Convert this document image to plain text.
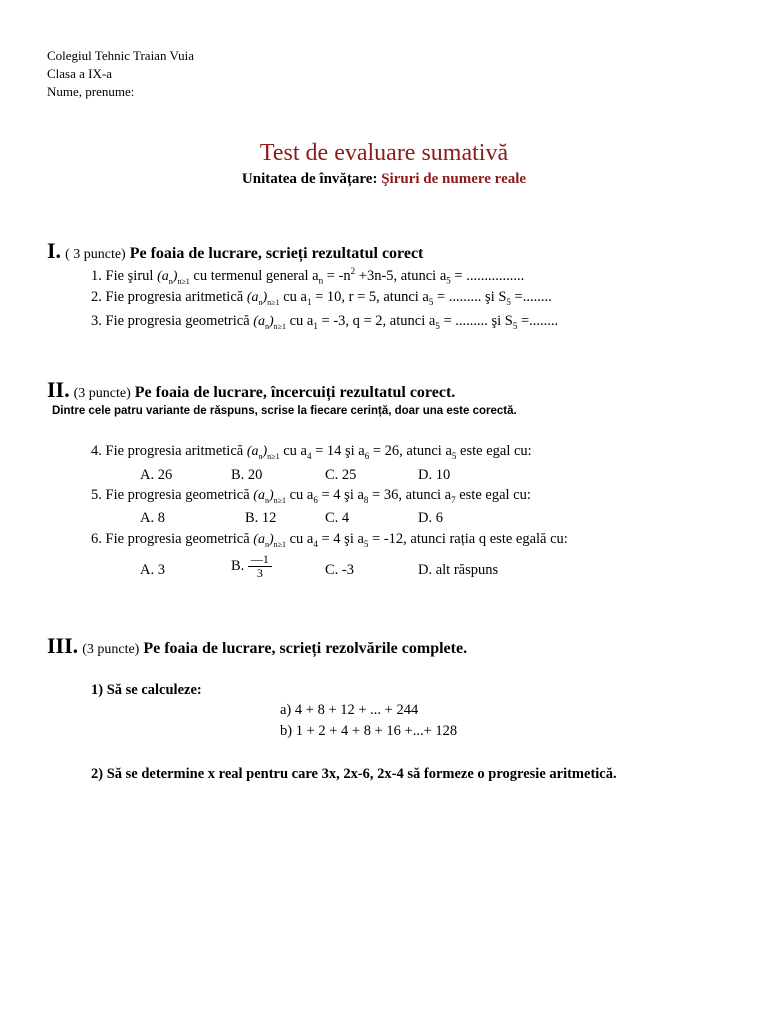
Colegiul Tehnic Traian Vuia
Clasa a IX-a
Nume, prenume:
Test de evaluare sumativă
Unitatea de învățare: Şiruri de numere reale
I. ( 3 puncte) Pe foaia de lucrare, scrieți rezultatul corect
1. Fie şirul $(a_n)_{n\ge 1}$ cu termenul general $a_n = -n^2 +3n-5$, atunci $a_5$ = ................
2. Fie progresia aritmetică $(a_n)_{n\ge 1}$ cu $a_1 = 10$, r = 5, atunci $a_5$ = ......... şi $S_5$ =........
3. Fie progresia geometrică $(a_n)_{n\ge 1}$ cu $a_1 = -3$, q = 2, atunci $a_5$ = ......... şi $S_5$ =........
II. (3 puncte) Pe foaia de lucrare, încercuiți rezultatul corect.
Dintre cele patru variante de răspuns, scrise la fiecare cerință, doar una este corectă.
4. Fie progresia aritmetică $(a_n)_{n\ge 1}$ cu $a_4 = 14$ şi $a_6 = 26$, atunci $a_5$ este egal cu:
A. 26	B. 20	C. 25	D. 10
5. Fie progresia geometrică $(a_n)_{n\ge 1}$ cu $a_6 = 4$ şi $a_8 = 36$, atunci $a_7$ este egal cu:
A. 8	B. 12	C. 4	D. 6
6. Fie progresia geometrică $(a_n)_{n\ge 1}$ cu $a_4 = 4$ şi $a_5 = -12$, atunci rația q este egală cu:
A. 3	B. $\frac{—1}{3}$	C. -3	D. alt răspuns
III. (3 puncte) Pe foaia de lucrare, scrieți rezolvările complete.
1) Să se calculeze:
a) 4 + 8 + 12 + ... + 244
b) 1 + 2 + 4 + 8 + 16 +...+ 128
2) Să se determine x real pentru care 3x, 2x-6, 2x-4 să formeze o progresie aritmetică.
